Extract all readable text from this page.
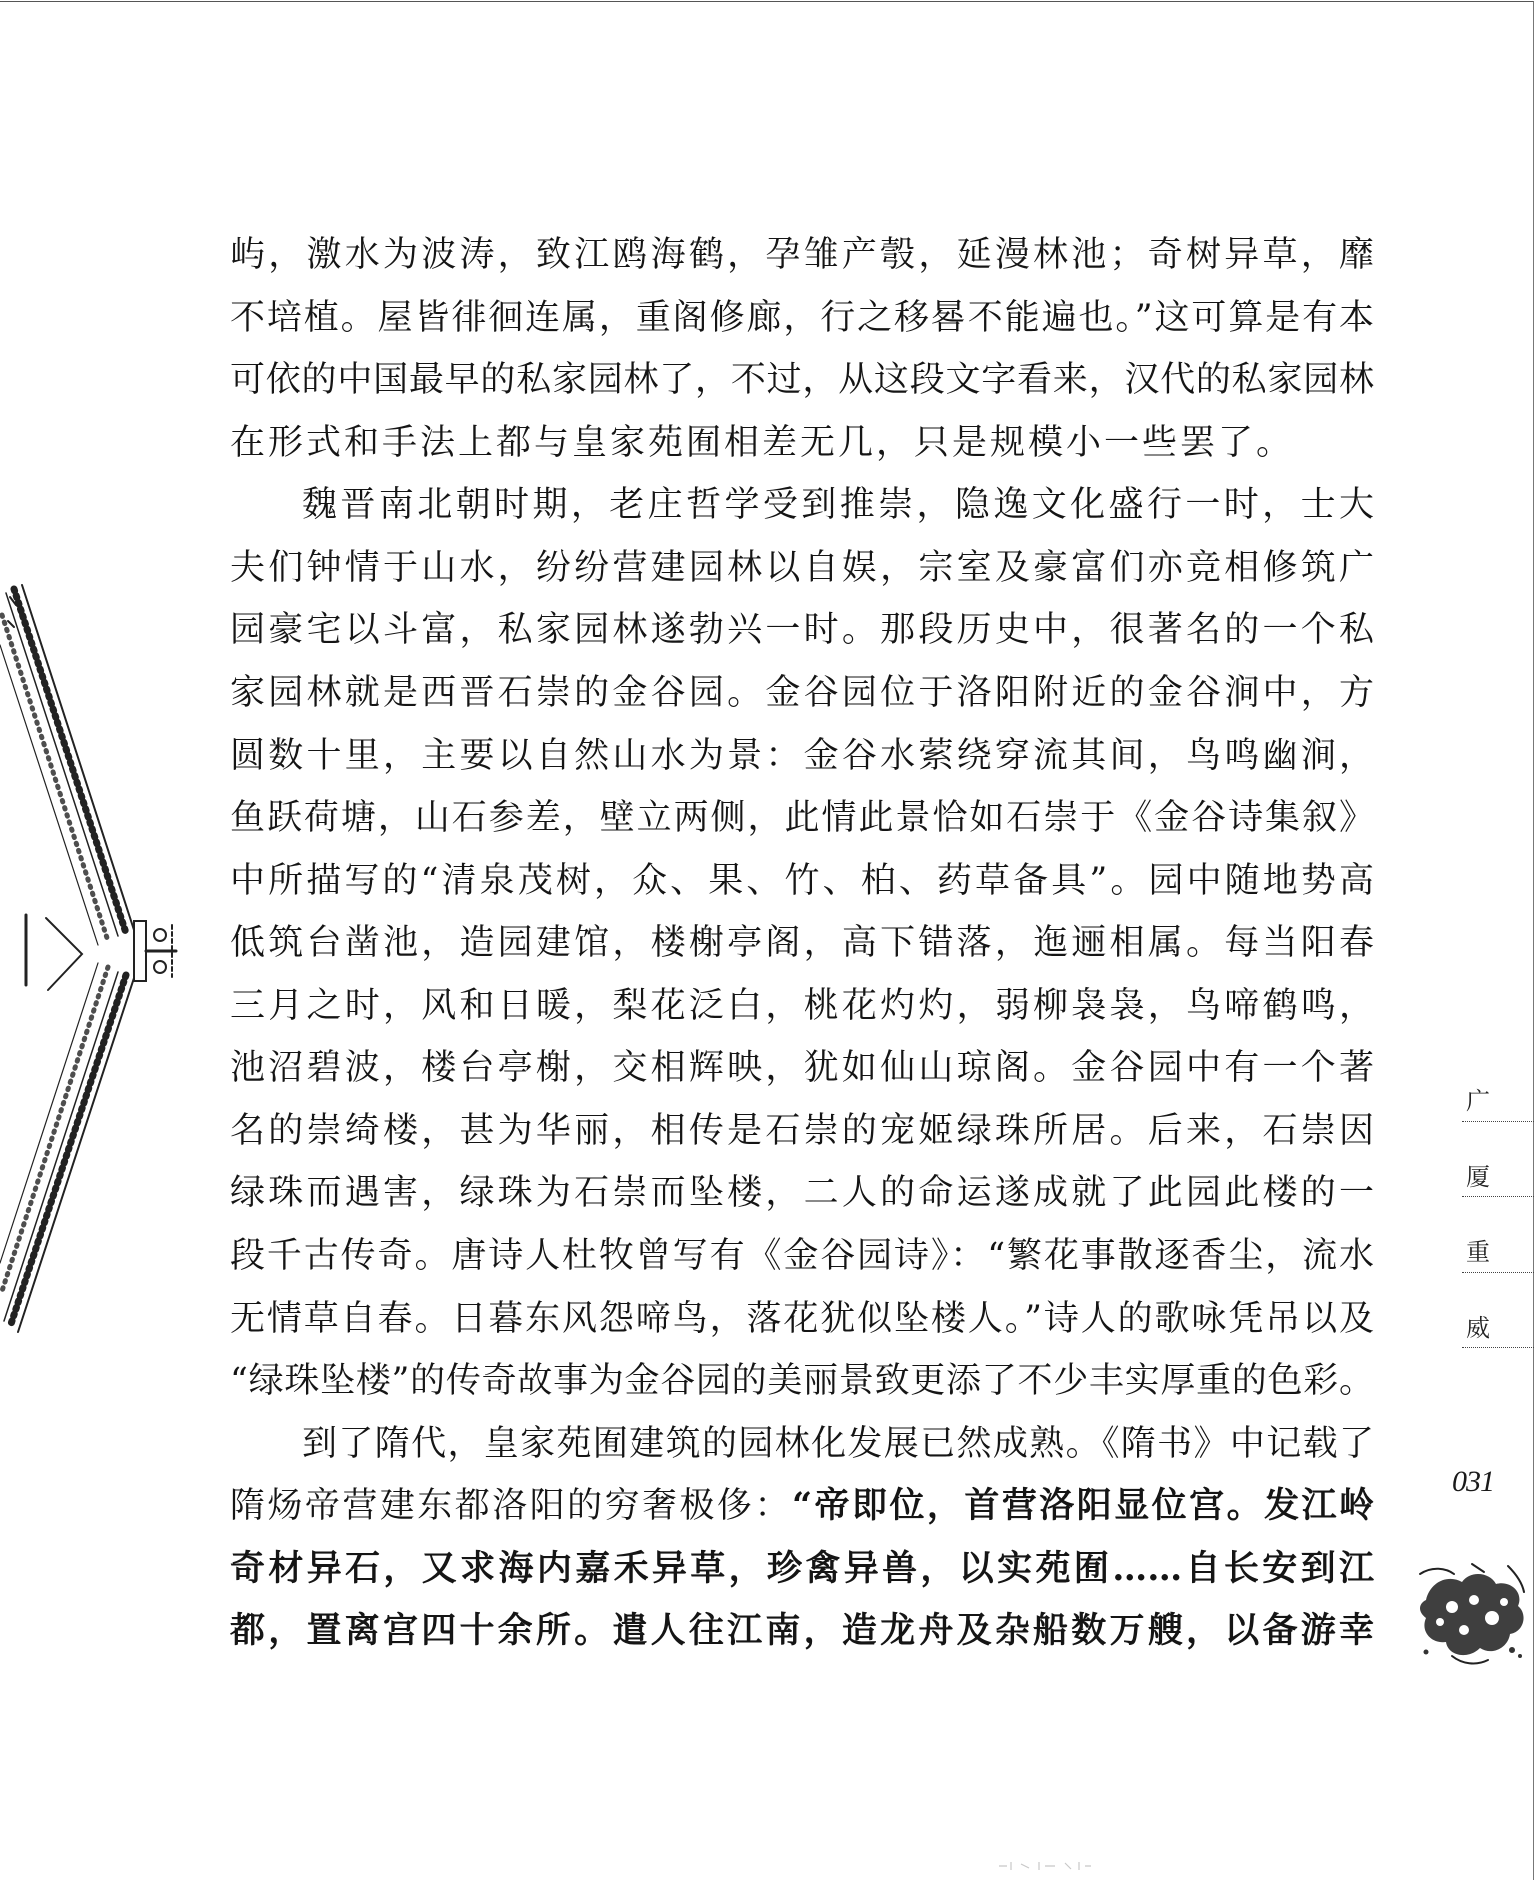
屿，激水为波涛，致江鸥海鹤，孕雏产彀，延漫林池；奇树异草，靡
不培植。屋皆徘徊连属，重阁修廊，行之移晷不能遍也。”这可算是有本
可依的中国最早的私家园林了，不过，从这段文字看来，汉代的私家园林
在形式和手法上都与皇家苑囿相差无几，只是规模小一些罢了。
魏晋南北朝时期，老庄哲学受到推崇，隐逸文化盛行一时，士大
夫们钟情于山水，纷纷营建园林以自娱，宗室及豪富们亦竞相修筑广
园豪宅以斗富，私家园林遂勃兴一时。那段历史中，很著名的一个私
家园林就是西晋石崇的金谷园。金谷园位于洛阳附近的金谷涧中，方
圆数十里，主要以自然山水为景：金谷水萦绕穿流其间，鸟鸣幽涧，
鱼跃荷塘，山石参差，壁立两侧，此情此景恰如石崇于《金谷诗集叙》
中所描写的“清泉茂树，众、果、竹、柏、药草备具”。园中随地势高
低筑台凿池，造园建馆，楼榭亭阁，高下错落，迤逦相属。每当阳春
三月之时，风和日暖，梨花泛白，桃花灼灼，弱柳袅袅，鸟啼鹤鸣，
池沼碧波，楼台亭榭，交相辉映，犹如仙山琼阁。金谷园中有一个著
名的崇绮楼，甚为华丽，相传是石崇的宠姬绿珠所居。后来，石崇因
绿珠而遇害，绿珠为石崇而坠楼，二人的命运遂成就了此园此楼的一
段千古传奇。唐诗人杜牧曾写有《金谷园诗》：“繁花事散逐香尘，流水
无情草自春。日暮东风怨啼鸟，落花犹似坠楼人。”诗人的歌咏凭吊以及
“绿珠坠楼”的传奇故事为金谷园的美丽景致更添了不少丰实厚重的色彩。
到了隋代，皇家苑囿建筑的园林化发展已然成熟。《隋书》中记载了
隋炀帝营建东都洛阳的穷奢极侈：“帝即位，首营洛阳显位宫。发江岭
奇材异石，又求海内嘉禾异草，珍禽异兽，以实苑囿……自长安到江
都，置离宫四十余所。遣人往江南，造龙舟及杂船数万艘，以备游幸
广
厦
重
威
031
